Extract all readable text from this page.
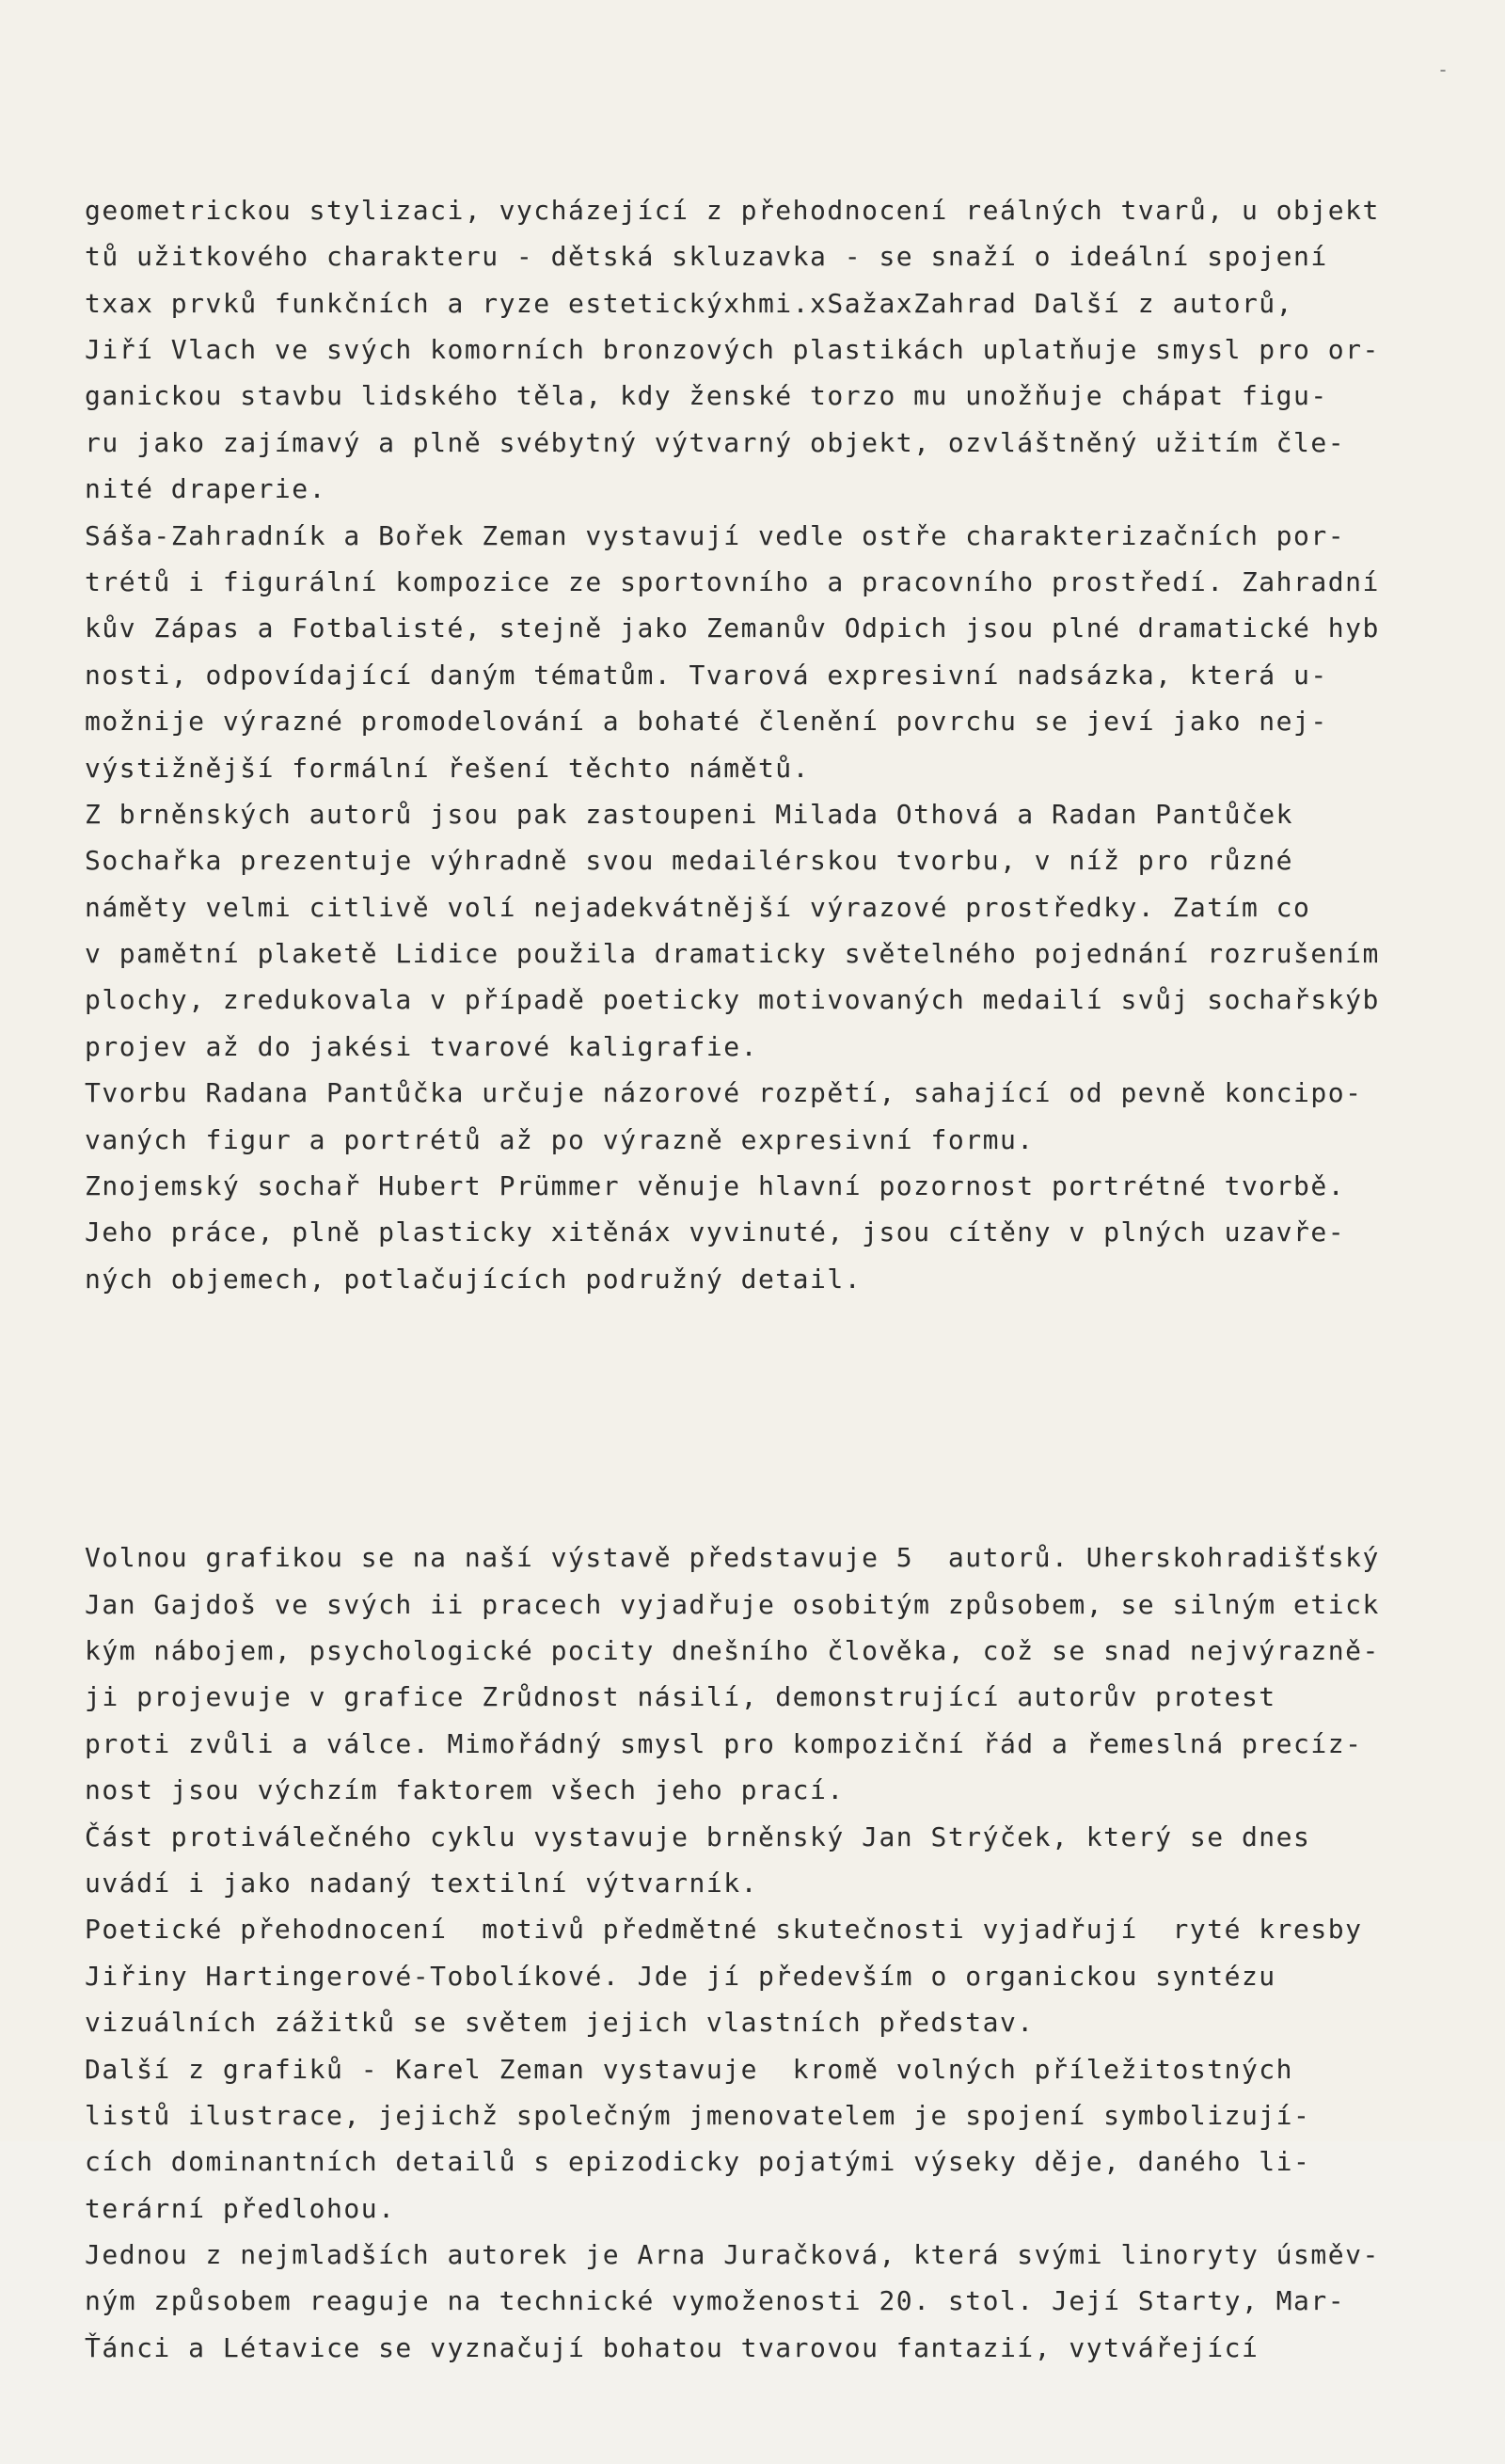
-

geometrickou stylizaci, vycházející z přehodnocení reálných tvarů, u objekt
tů užitkového charakteru - dětská skluzavka - se snaží o ideální spojení
txax prvků funkčních a ryze estetickýxhmi.xSažaxZahrad Další z autorů,
Jiří Vlach ve svých komorních bronzových plastikách uplatňuje smysl pro or-
ganickou stavbu lidského těla, kdy ženské torzo mu unožňuje chápat figu-
ru jako zajímavý a plně svébytný výtvarný objekt, ozvláštněný užitím čle-
nité draperie.
Sáša-Zahradník a Bořek Zeman vystavují vedle ostře charakterizačních por-
trétů i figurální kompozice ze sportovního a pracovního prostředí. Zahradní
kův Zápas a Fotbalisté, stejně jako Zemanův Odpich jsou plné dramatické hyb
nosti, odpovídající daným tématům. Tvarová expresivní nadsázka, která u-
možnije výrazné promodelování a bohaté členění povrchu se jeví jako nej-
výstižnější formální řešení těchto námětů.
Z brněnských autorů jsou pak zastoupeni Milada Othová a Radan Pantůček
Sochařka prezentuje výhradně svou medailérskou tvorbu, v níž pro různé
náměty velmi citlivě volí nejadekvátnější výrazové prostředky. Zatím co
v pamětní plaketě Lidice použila dramaticky světelného pojednání rozrušením
plochy, zredukovala v případě poeticky motivovaných medailí svůj sochařskýb
projev až do jakési tvarové kaligrafie.
Tvorbu Radana Pantůčka určuje názorové rozpětí, sahající od pevně koncipo-
vaných figur a portrétů až po výrazně expresivní formu.
Znojemský sochař Hubert Prümmer věnuje hlavní pozornost portrétné tvorbě.
Jeho práce, plně plasticky xitěnáx vyvinuté, jsou cítěny v plných uzavře-
ných objemech, potlačujících podružný detail.

Volnou grafikou se na naší výstavě představuje 5  autorů. Uherskohradišťský
Jan Gajdoš ve svých ii pracech vyjadřuje osobitým způsobem, se silným etick
kým nábojem, psychologické pocity dnešního člověka, což se snad nejvýrazně-
ji projevuje v grafice Zrůdnost násilí, demonstrující autorův protest
proti zvůli a válce. Mimořádný smysl pro kompoziční řád a řemeslná precíz-
nost jsou výchzím faktorem všech jeho prací.
Část protiválečného cyklu vystavuje brněnský Jan Strýček, který se dnes
uvádí i jako nadaný textilní výtvarník.
Poetické přehodnocení  motivů předmětné skutečnosti vyjadřují  ryté kresby
Jiřiny Hartingerové-Tobolíkové. Jde jí především o organickou syntézu
vizuálních zážitků se světem jejich vlastních představ.
Další z grafiků - Karel Zeman vystavuje  kromě volných příležitostných
listů ilustrace, jejichž společným jmenovatelem je spojení symbolizují-
cích dominantních detailů s epizodicky pojatými výseky děje, daného li-
terární předlohou.
Jednou z nejmladších autorek je Arna Juračková, která svými linoryty úsměv-
ným způsobem reaguje na technické vymoženosti 20. stol. Její Starty, Mar-
Ťánci a Létavice se vyznačují bohatou tvarovou fantazií, vytvářející
